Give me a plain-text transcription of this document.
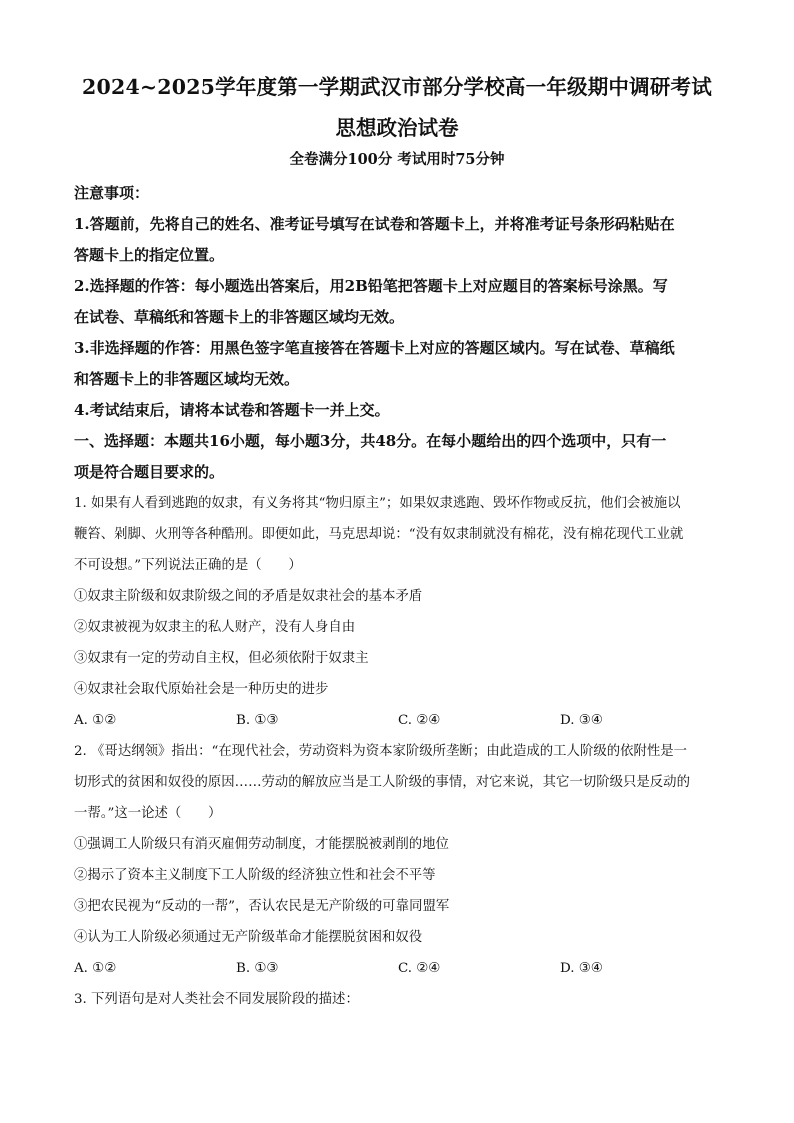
2024~2025学年度第一学期武汉市部分学校高一年级期中调研考试
思想政治试卷
全卷满分100分 考试用时75分钟
注意事项：
1.答题前，先将自己的姓名、准考证号填写在试卷和答题卡上，并将准考证号条形码粘贴在
答题卡上的指定位置。
2.选择题的作答：每小题选出答案后，用2B铅笔把答题卡上对应题目的答案标号涂黑。写
在试卷、草稿纸和答题卡上的非答题区域均无效。
3.非选择题的作答：用黑色签字笔直接答在答题卡上对应的答题区域内。写在试卷、草稿纸
和答题卡上的非答题区域均无效。
4.考试结束后，请将本试卷和答题卡一并上交。
一、选择题：本题共16小题，每小题3分，共48分。在每小题给出的四个选项中，只有一
项是符合题目要求的。
1. 如果有人看到逃跑的奴隶，有义务将其“物归原主”；如果奴隶逃跑、毁坏作物或反抗，他们会被施以
鞭笞、剁脚、火刑等各种酷刑。即便如此，马克思却说：“没有奴隶制就没有棉花，没有棉花现代工业就
不可设想。”下列说法正确的是（　　）
①奴隶主阶级和奴隶阶级之间的矛盾是奴隶社会的基本矛盾
②奴隶被视为奴隶主的私人财产，没有人身自由
③奴隶有一定的劳动自主权，但必须依附于奴隶主
④奴隶社会取代原始社会是一种历史的进步
A. ①②	B. ①③	C. ②④	D. ③④
2. 《哥达纲领》指出：“在现代社会，劳动资料为资本家阶级所垄断；由此造成的工人阶级的依附性是一
切形式的贫困和奴役的原因……劳动的解放应当是工人阶级的事情，对它来说，其它一切阶级只是反动的
一帮。”这一论述（　　）
①强调工人阶级只有消灭雇佣劳动制度，才能摆脱被剥削的地位
②揭示了资本主义制度下工人阶级的经济独立性和社会不平等
③把农民视为“反动的一帮”，否认农民是无产阶级的可靠同盟军
④认为工人阶级必须通过无产阶级革命才能摆脱贫困和奴役
A. ①②	B. ①③	C. ②④	D. ③④
3. 下列语句是对人类社会不同发展阶段的描述：
